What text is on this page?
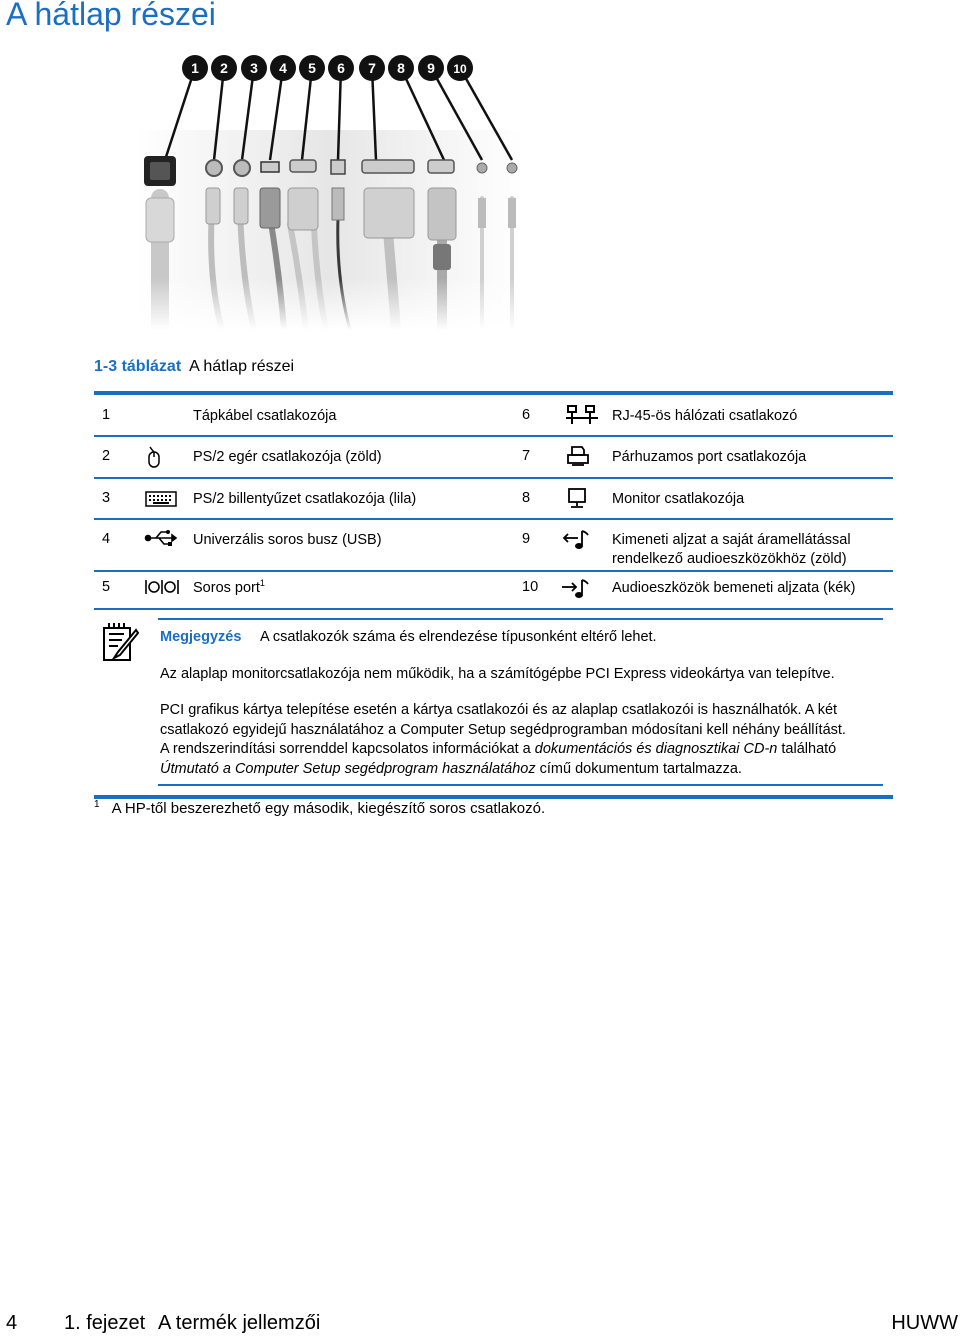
A hátlap részei
1 2 3 4 5 6 7 8 9 10
1-3 táblázat A hátlap részei
1	Tápkábel csatlakozója	6	RJ-45-ös hálózati csatlakozó
2	PS/2 egér csatlakozója (zöld)	7	Párhuzamos port csatlakozója
3	PS/2 billentyűzet csatlakozója (lila)	8	Monitor csatlakozója
4	Univerzális soros busz (USB)	9	Kimeneti aljzat a saját áramellátással rendelkező audioeszközökhöz (zöld)
5	Soros port$^1$	10	Audioeszközök bemeneti aljzata (kék)
Megjegyzés A csatlakozók száma és elrendezése típusonként eltérő lehet.

Az alaplap monitorcsatlakozója nem működik, ha a számítógépbe PCI Express videokártya van telepítve.

PCI grafikus kártya telepítése esetén a kártya csatlakozói és az alaplap csatlakozói is használhatók. A két csatlakozó egyidejű használatához a Computer Setup segédprogramban módosítani kell néhány beállítást.

A rendszerindítási sorrenddel kapcsolatos információkat a dokumentációs és diagnosztikai CD-n található Útmutató a Computer Setup segédprogram használatához című dokumentum tartalmazza.

$^1$ A HP-től beszerezhető egy második, kiegészítő soros csatlakozó.
4 1. fejezet A termék jellemzői	HUWW
